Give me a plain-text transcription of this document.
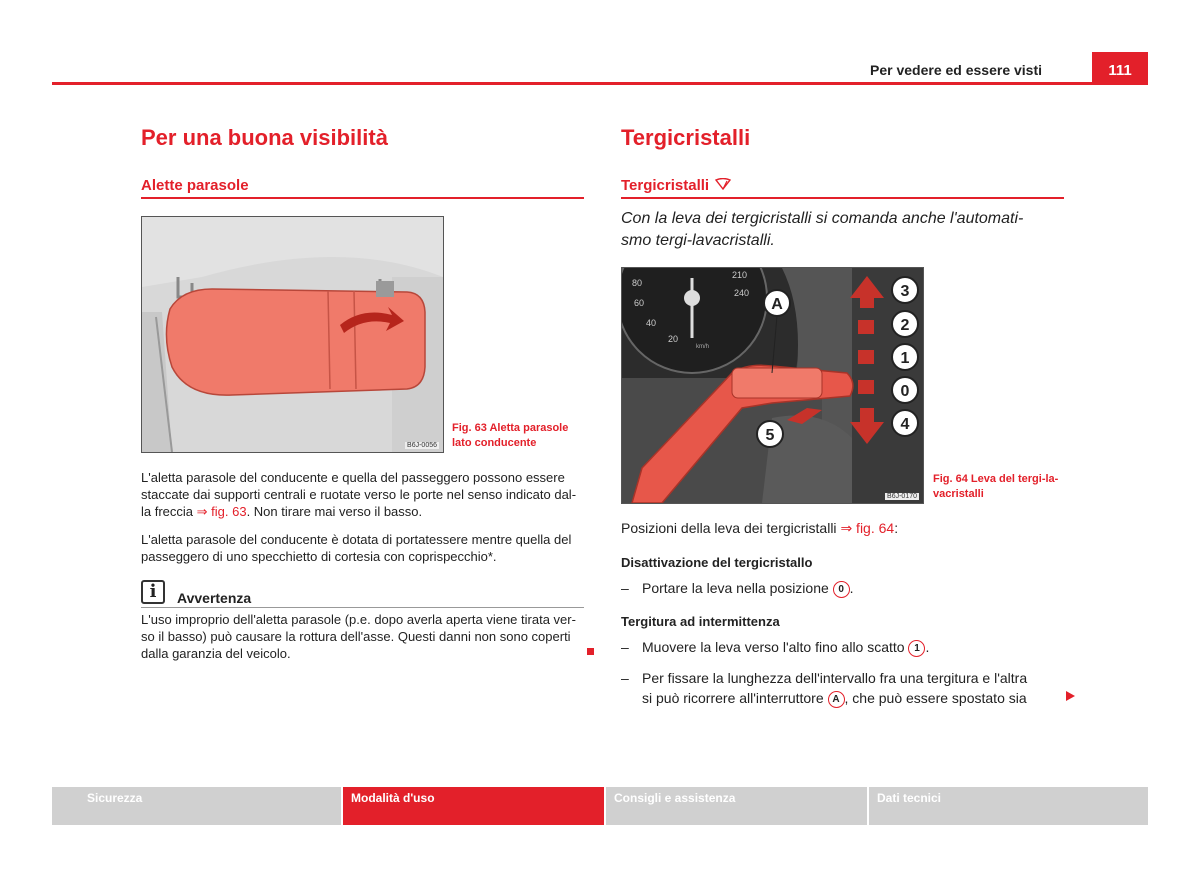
Per vedere ed essere visti	111
Per una buona visibilità
Alette parasole
B6J-0056
Fig. 63 Aletta parasole
lato conducente
L'aletta parasole del conducente e quella del passeggero possono essere
staccate dai supporti centrali e ruotate verso le porte nel senso indicato dal-
la freccia ⇒ fig. 63. Non tirare mai verso il basso.
L'aletta parasole del conducente è dotata di portatessere mentre quella del
passeggero di uno specchietto di cortesia con coprispecchio*.
i	Avvertenza
L'uso improprio dell'aletta parasole (p.e. dopo averla aperta viene tirata ver-
so il basso) può causare la rottura dell'asse. Questi danni non sono coperti
dalla garanzia del veicolo.
Tergicristalli
Tergicristalli
Con la leva dei tergicristalli si comanda anche l'automati-
smo tergi-lavacristalli.
80
60
40
20
210
240
km/h
A
3
2
1
0
4
5
B6J-0170
Fig. 64 Leva del tergi-la-
vacristalli
Posizioni della leva dei tergicristalli ⇒ fig. 64:
Disattivazione del tergicristallo
– Portare la leva nella posizione 0 .
Tergitura ad intermittenza
– Muovere la leva verso l'alto fino allo scatto 1 .
– Per fissare la lunghezza dell'intervallo fra una tergitura e l'altra
si può ricorrere all'interruttore A , che può essere spostato sia
Sicurezza	Modalità d'uso	Consigli e assistenza	Dati tecnici
